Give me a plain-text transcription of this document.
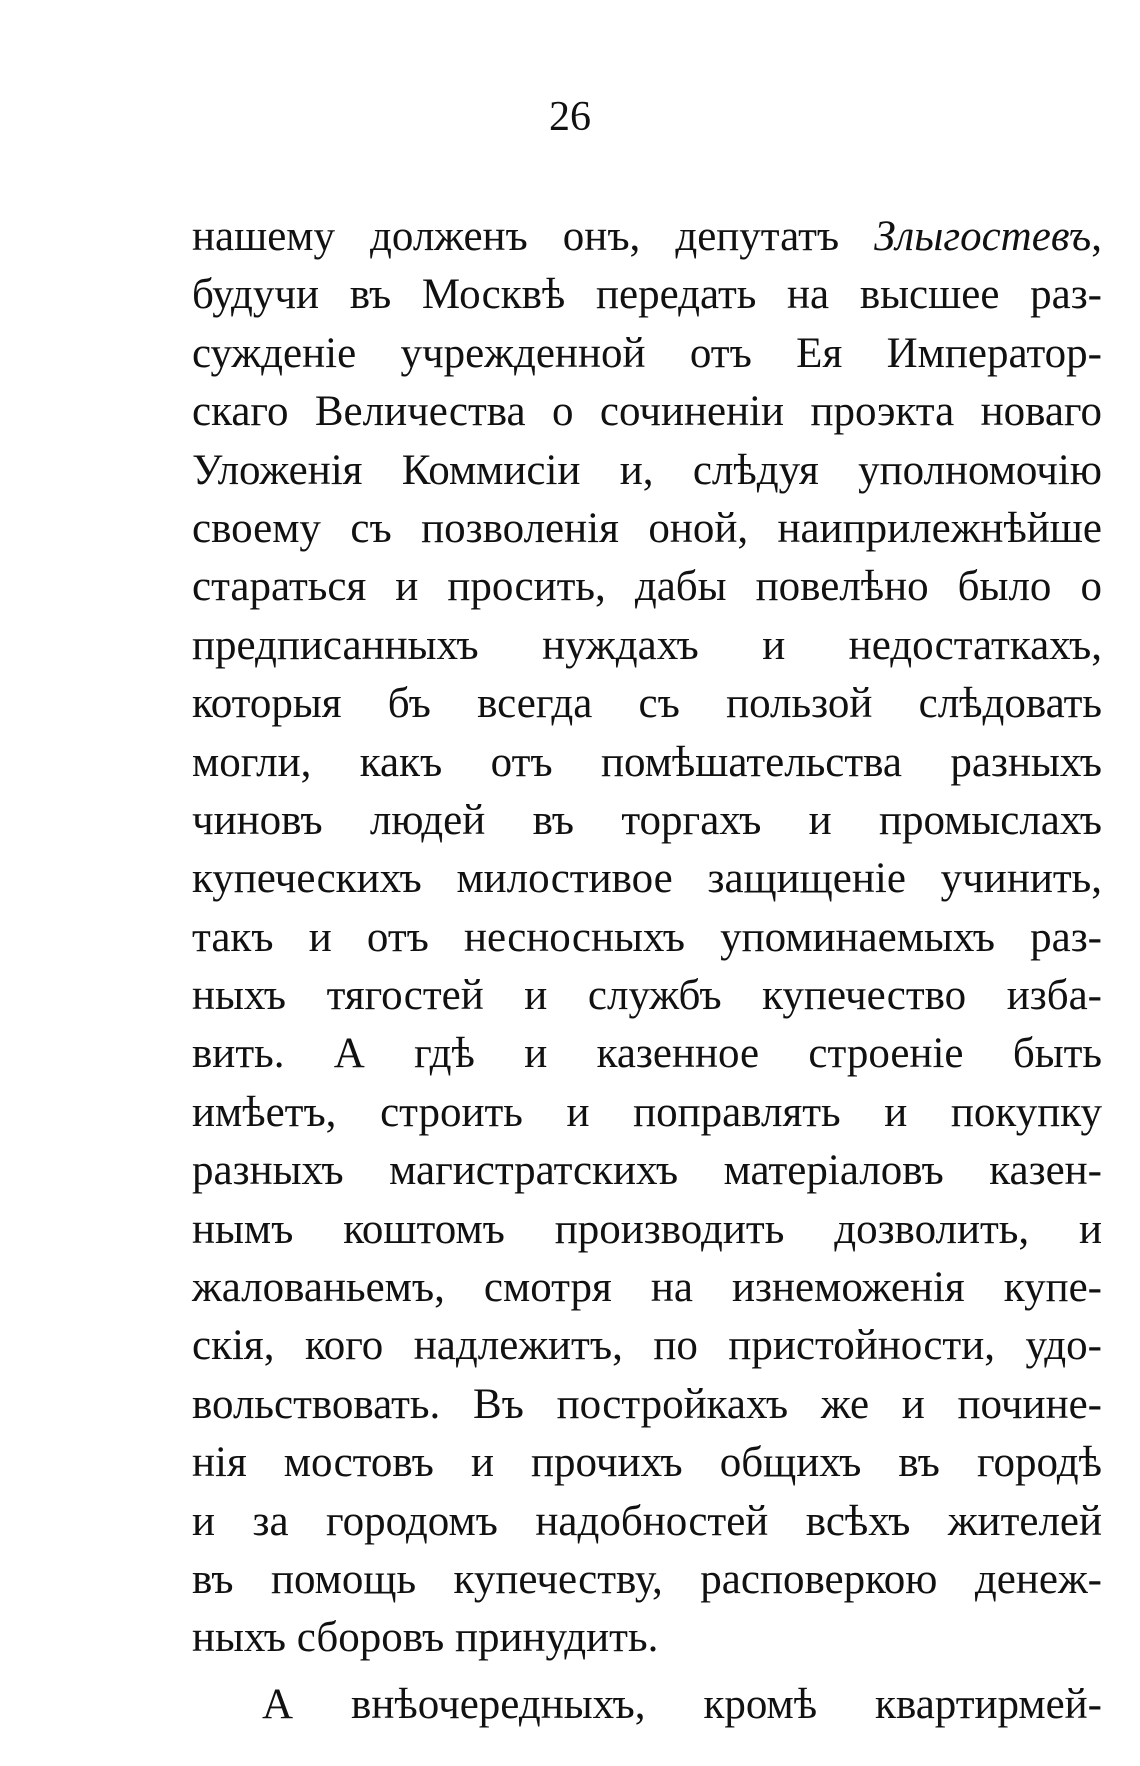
26
нашему долженъ онъ, депутатъ Злыгостевъ,
будучи въ Москвѣ передать на высшее раз-
сужденіе учрежденной отъ Ея Император-
скаго Величества о сочиненіи проэкта новаго
Уложенія Коммисіи и, слѣдуя уполномочію
своему съ позволенія оной, наиприлежнѣйше
стараться и просить, дабы повелѣно было о
предписанныхъ нуждахъ и недостаткахъ,
которыя бъ всегда съ пользой слѣдовать
могли, какъ отъ помѣшательства разныхъ
чиновъ людей въ торгахъ и промыслахъ
купеческихъ милостивое защищеніе учинить,
такъ и отъ несносныхъ упоминаемыхъ раз-
ныхъ тягостей и службъ купечество изба-
вить. А гдѣ и казенное строеніе быть
имѣетъ, строить и поправлять и покупку
разныхъ магистратскихъ матеріаловъ казен-
нымъ коштомъ производить дозволить, и
жалованьемъ, смотря на изнеможенія купе-
скія, кого надлежитъ, по пристойности, удо-
вольствовать. Въ постройкахъ же и починe-
нія мостовъ и прочихъ общихъ въ городѣ
и за городомъ надобностей всѣхъ жителей
въ помощь купечеству, расповеркою денеж-
ныхъ сборовъ принудить.
А внѣочередныхъ, кромѣ квартирмей-
